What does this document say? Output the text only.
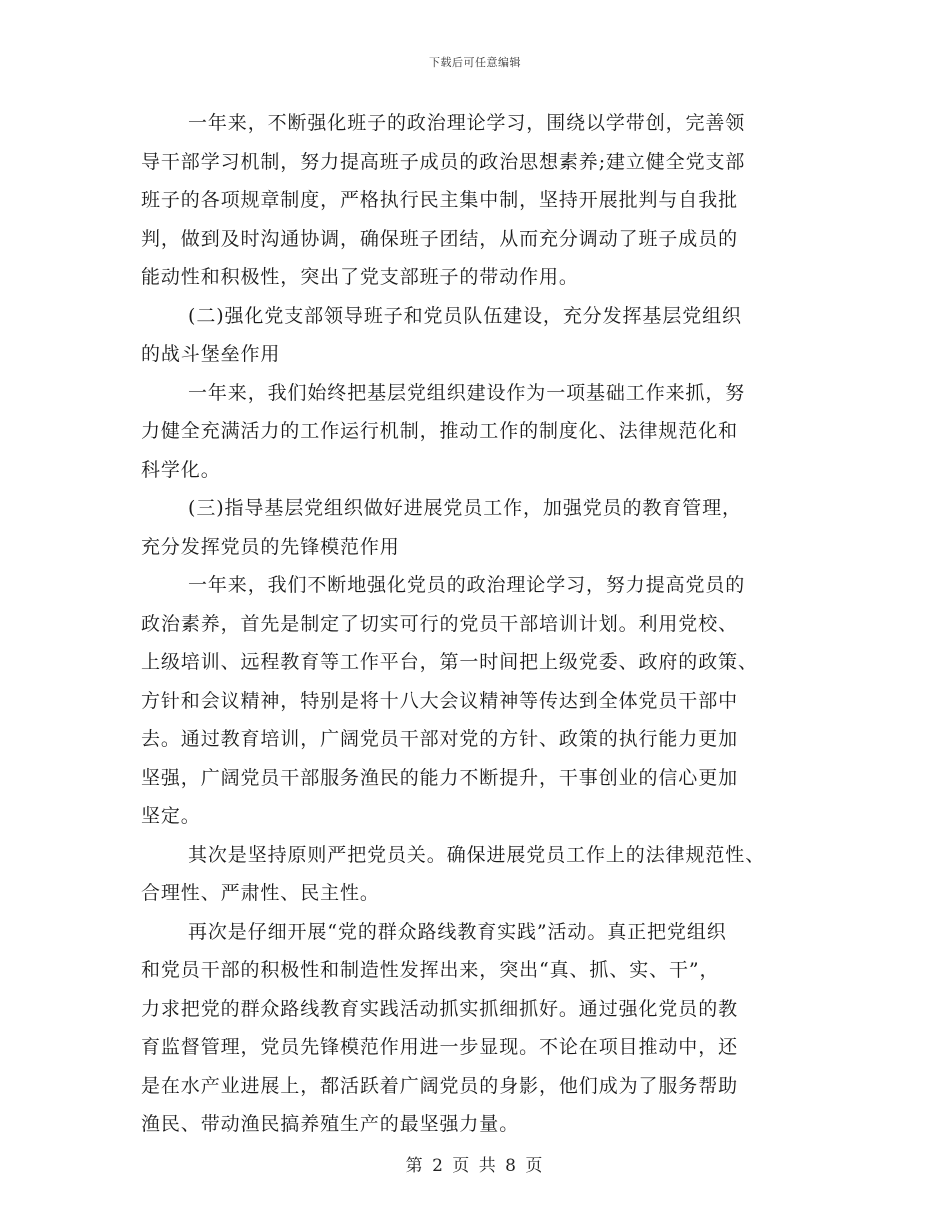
下载后可任意编辑
一年来，不断强化班子的政治理论学习，围绕以学带创，完善领
导干部学习机制，努力提高班子成员的政治思想素养;建立健全党支部
班子的各项规章制度，严格执行民主集中制，坚持开展批判与自我批
判，做到及时沟通协调，确保班子团结，从而充分调动了班子成员的
能动性和积极性，突出了党支部班子的带动作用。
(二)强化党支部领导班子和党员队伍建设，充分发挥基层党组织
的战斗堡垒作用
一年来，我们始终把基层党组织建设作为一项基础工作来抓，努
力健全充满活力的工作运行机制，推动工作的制度化、法律规范化和
科学化。
(三)指导基层党组织做好进展党员工作，加强党员的教育管理，
充分发挥党员的先锋模范作用
一年来，我们不断地强化党员的政治理论学习，努力提高党员的
政治素养，首先是制定了切实可行的党员干部培训计划。利用党校、
上级培训、远程教育等工作平台，第一时间把上级党委、政府的政策、
方针和会议精神，特别是将十八大会议精神等传达到全体党员干部中
去。通过教育培训，广阔党员干部对党的方针、政策的执行能力更加
坚强，广阔党员干部服务渔民的能力不断提升，干事创业的信心更加
坚定。
其次是坚持原则严把党员关。确保进展党员工作上的法律规范性、
合理性、严肃性、民主性。
再次是仔细开展“党的群众路线教育实践”活动。真正把党组织
和党员干部的积极性和制造性发挥出来，突出“真、抓、实、干”，
力求把党的群众路线教育实践活动抓实抓细抓好。通过强化党员的教
育监督管理，党员先锋模范作用进一步显现。不论在项目推动中，还
是在水产业进展上，都活跃着广阔党员的身影，他们成为了服务帮助
渔民、带动渔民搞养殖生产的最坚强力量。
第 2 页 共 8 页
